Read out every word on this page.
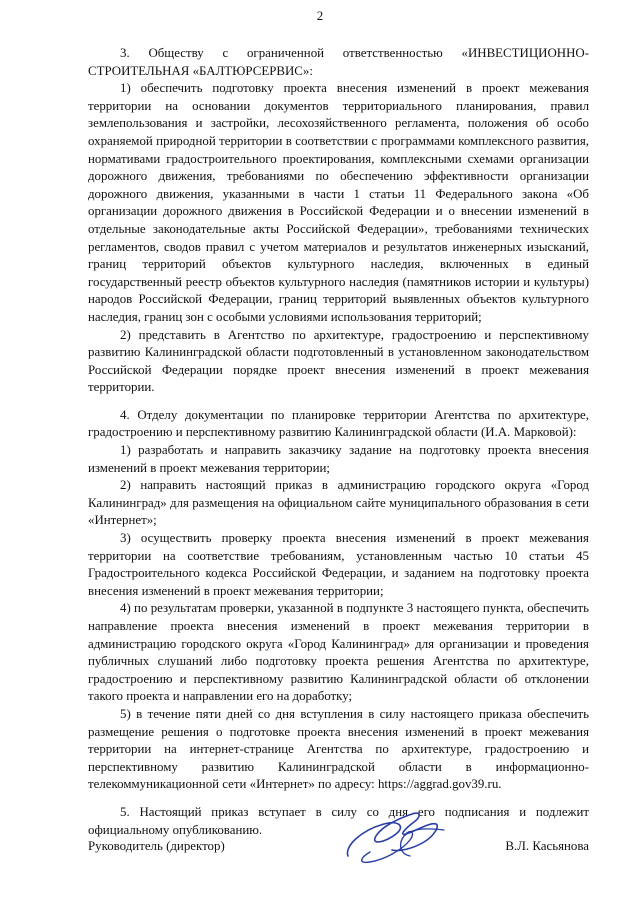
2

3. Обществу с ограниченной ответственностью «ИНВЕСТИЦИОННО-СТРОИТЕЛЬНАЯ «БАЛТЮРСЕРВИС»:

1) обеспечить подготовку проекта внесения изменений в проект межевания территории на основании документов территориального планирования, правил землепользования и застройки, лесохозяйственного регламента, положения об особо охраняемой природной территории в соответствии с программами комплексного развития, нормативами градостроительного проектирования, комплексными схемами организации дорожного движения, требованиями по обеспечению эффективности организации дорожного движения, указанными в части 1 статьи 11 Федерального закона «Об организации дорожного движения в Российской Федерации и о внесении изменений в отдельные законодательные акты Российской Федерации», требованиями технических регламентов, сводов правил с учетом материалов и результатов инженерных изысканий, границ территорий объектов культурного наследия, включенных в единый государственный реестр объектов культурного наследия (памятников истории и культуры) народов Российской Федерации, границ территорий выявленных объектов культурного наследия, границ зон с особыми условиями использования территорий;

2) представить в Агентство по архитектуре, градостроению и перспективному развитию Калининградской области подготовленный в установленном законодательством Российской Федерации порядке проект внесения изменений в проект межевания территории.

4. Отделу документации по планировке территории Агентства по архитектуре, градостроению и перспективному развитию Калининградской области (И.А. Марковой):

1) разработать и направить заказчику задание на подготовку проекта внесения изменений в проект межевания территории;

2) направить настоящий приказ в администрацию городского округа «Город Калининград» для размещения на официальном сайте муниципального образования в сети «Интернет»;

3) осуществить проверку проекта внесения изменений в проект межевания территории на соответствие требованиям, установленным частью 10 статьи 45 Градостроительного кодекса Российской Федерации, и заданием на подготовку проекта внесения изменений в проект межевания территории;

4) по результатам проверки, указанной в подпункте 3 настоящего пункта, обеспечить направление проекта внесения изменений в проект межевания территории в администрацию городского округа «Город Калининград» для организации и проведения публичных слушаний либо подготовку проекта решения Агентства по архитектуре, градостроению и перспективному развитию Калининградской области об отклонении такого проекта и направлении его на доработку;

5) в течение пяти дней со дня вступления в силу настоящего приказа обеспечить размещение решения о подготовке проекта внесения изменений в проект межевания территории на интернет-странице Агентства по архитектуре, градостроению и перспективному развитию Калининградской области в информационно-телекоммуникационной сети «Интернет» по адресу: https://aggrad.gov39.ru.

5. Настоящий приказ вступает в силу со дня его подписания и подлежит официальному опубликованию.

Руководитель (директор)	В.Л. Касьянова
